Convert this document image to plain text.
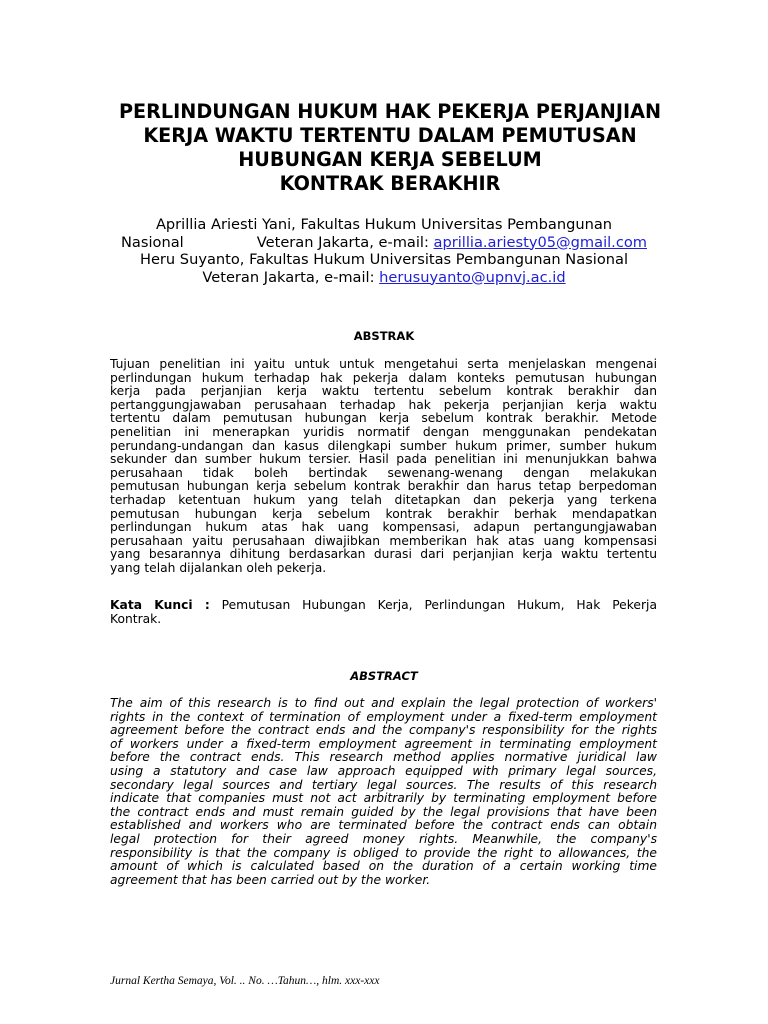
PERLINDUNGAN HUKUM HAK PEKERJA PERJANJIAN
KERJA WAKTU TERTENTU DALAM PEMUTUSAN
HUBUNGAN KERJA SEBELUM
KONTRAK BERAKHIR
Aprillia Ariesti Yani, Fakultas Hukum Universitas Pembangunan
Nasional	Veteran Jakarta, e-mail: aprillia.ariesty05@gmail.com
Heru Suyanto, Fakultas Hukum Universitas Pembangunan Nasional
Veteran Jakarta, e-mail: herusuyanto@upnvj.ac.id
ABSTRAK
Tujuan penelitian ini yaitu untuk untuk mengetahui serta menjelaskan mengenai
perlindungan hukum terhadap hak pekerja dalam konteks pemutusan hubungan
kerja pada perjanjian kerja waktu tertentu sebelum kontrak berakhir dan
pertanggungjawaban perusahaan terhadap hak pekerja perjanjian kerja waktu
tertentu dalam pemutusan hubungan kerja sebelum kontrak berakhir. Metode
penelitian ini menerapkan yuridis normatif dengan menggunakan pendekatan
perundang-undangan dan kasus dilengkapi sumber hukum primer, sumber hukum
sekunder dan sumber hukum tersier. Hasil pada penelitian ini menunjukkan bahwa
perusahaan tidak boleh bertindak sewenang-wenang dengan melakukan
pemutusan hubungan kerja sebelum kontrak berakhir dan harus tetap berpedoman
terhadap ketentuan hukum yang telah ditetapkan dan pekerja yang terkena
pemutusan hubungan kerja sebelum kontrak berakhir berhak mendapatkan
perlindungan hukum atas hak uang kompensasi, adapun pertangungjawaban
perusahaan yaitu perusahaan diwajibkan memberikan hak atas uang kompensasi
yang besarannya dihitung berdasarkan durasi dari perjanjian kerja waktu tertentu
yang telah dijalankan oleh pekerja.
Kata Kunci : Pemutusan Hubungan Kerja, Perlindungan Hukum, Hak Pekerja
Kontrak.
ABSTRACT
The aim of this research is to find out and explain the legal protection of workers'
rights in the context of termination of employment under a fixed-term employment
agreement before the contract ends and the company's responsibility for the rights
of workers under a fixed-term employment agreement in terminating employment
before the contract ends. This research method applies normative juridical law
using a statutory and case law approach equipped with primary legal sources,
secondary legal sources and tertiary legal sources. The results of this research
indicate that companies must not act arbitrarily by terminating employment before
the contract ends and must remain guided by the legal provisions that have been
established and workers who are terminated before the contract ends can obtain
legal protection for their agreed money rights. Meanwhile, the company's
responsibility is that the company is obliged to provide the right to allowances, the
amount of which is calculated based on the duration of a certain working time
agreement that has been carried out by the worker.
Jurnal Kertha Semaya, Vol. .. No. …Tahun…, hlm. xxx-xxx
